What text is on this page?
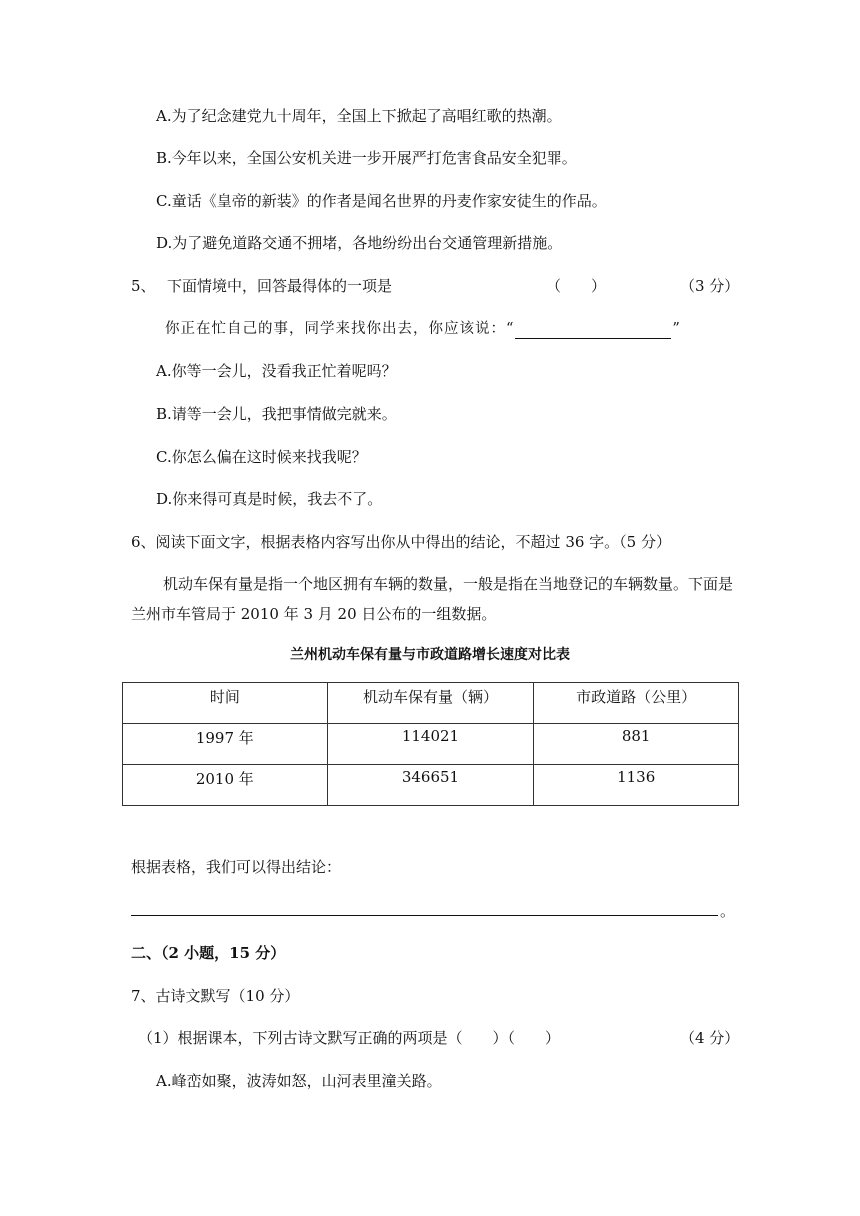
A.为了纪念建党九十周年，全国上下掀起了高唱红歌的热潮。
B.今年以来，全国公安机关进一步开展严打危害食品安全犯罪。
C.童话《皇帝的新装》的作者是闻名世界的丹麦作家安徒生的作品。
D.为了避免道路交通不拥堵，各地纷纷出台交通管理新措施。
5、 下面情境中，回答最得体的一项是	（　　）	（3 分）
你正在忙自己的事，同学来找你出去，你应该说：“	”
A.你等一会儿，没看我正忙着呢吗？
B.请等一会儿，我把事情做完就来。
C.你怎么偏在这时候来找我呢？
D.你来得可真是时候，我去不了。
6、阅读下面文字，根据表格内容写出你从中得出的结论，不超过 36 字。（5 分）
机动车保有量是指一个地区拥有车辆的数量，一般是指在当地登记的车辆数量。下面是兰州市车管局于 2010 年 3 月 20 日公布的一组数据。
兰州机动车保有量与市政道路增长速度对比表
时间	机动车保有量（辆）	市政道路（公里）
1997 年	114021	881
2010 年	346651	1136
根据表格，我们可以得出结论：
。
二、（2 小题，15 分）
7、古诗文默写（10 分）
（1）根据课本，下列古诗文默写正确的两项是（　　）（　　）	（4 分）
A.峰峦如聚，波涛如怒，山河表里潼关路。
